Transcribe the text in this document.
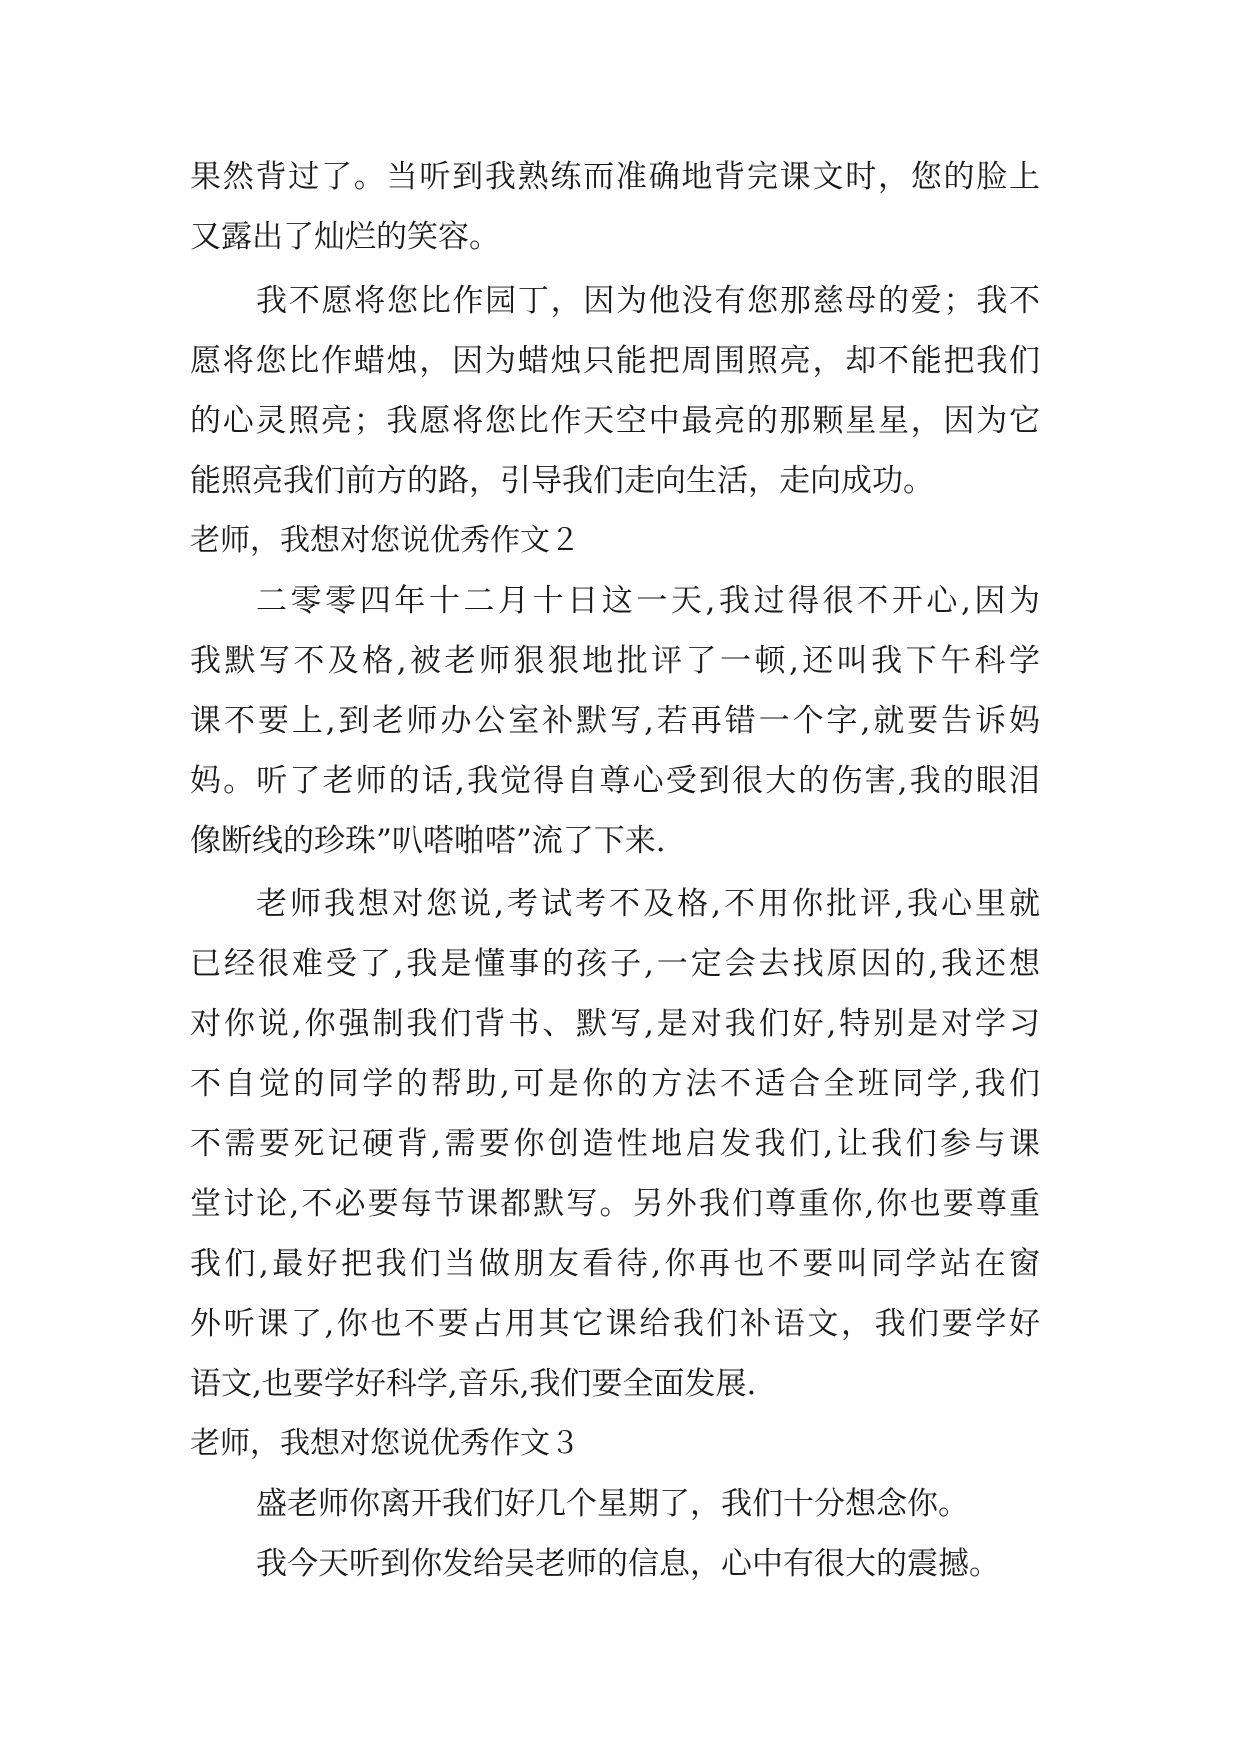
果然背过了。当听到我熟练而准确地背完课文时，您的脸上
又露出了灿烂的笑容。
我不愿将您比作园丁，因为他没有您那慈母的爱；我不
愿将您比作蜡烛，因为蜡烛只能把周围照亮，却不能把我们
的心灵照亮；我愿将您比作天空中最亮的那颗星星，因为它
能照亮我们前方的路，引导我们走向生活，走向成功。
老师，我想对您说优秀作文２
二零零四年十二月十日这一天,我过得很不开心,因为
我默写不及格,被老师狠狠地批评了一顿,还叫我下午科学
课不要上,到老师办公室补默写,若再错一个字,就要告诉妈
妈。听了老师的话,我觉得自尊心受到很大的伤害,我的眼泪
像断线的珍珠”叭嗒啪嗒”流了下来.
老师我想对您说,考试考不及格,不用你批评,我心里就
已经很难受了,我是懂事的孩子,一定会去找原因的,我还想
对你说,你强制我们背书、默写,是对我们好,特别是对学习
不自觉的同学的帮助,可是你的方法不适合全班同学,我们
不需要死记硬背,需要你创造性地启发我们,让我们参与课
堂讨论,不必要每节课都默写。另外我们尊重你,你也要尊重
我们,最好把我们当做朋友看待,你再也不要叫同学站在窗
外听课了,你也不要占用其它课给我们补语文，我们要学好
语文,也要学好科学,音乐,我们要全面发展.
老师，我想对您说优秀作文３
盛老师你离开我们好几个星期了，我们十分想念你。
我今天听到你发给吴老师的信息，心中有很大的震撼。
